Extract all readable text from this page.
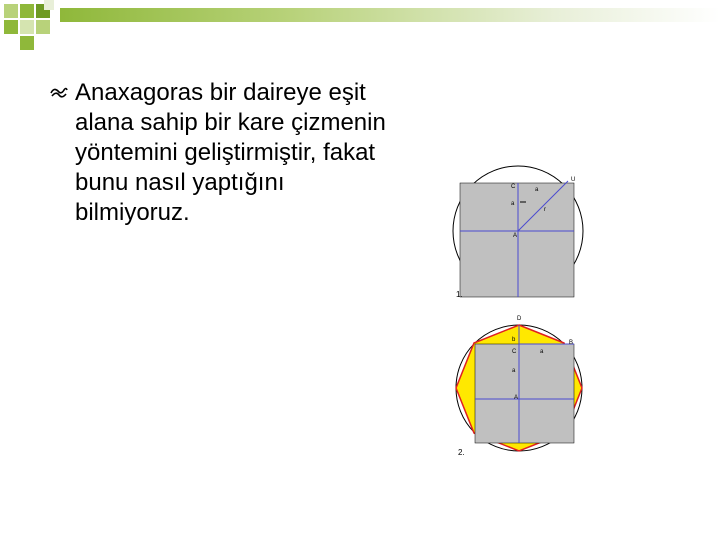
Anaxagoras bir daireye eşit alana sahip bir kare çizmenin yöntemini geliştirmiştir, fakat bunu nasıl yaptığını bilmiyoruz.
C	a
a
A
U
r
1.
D
b
C	a
a
A
B
2.
